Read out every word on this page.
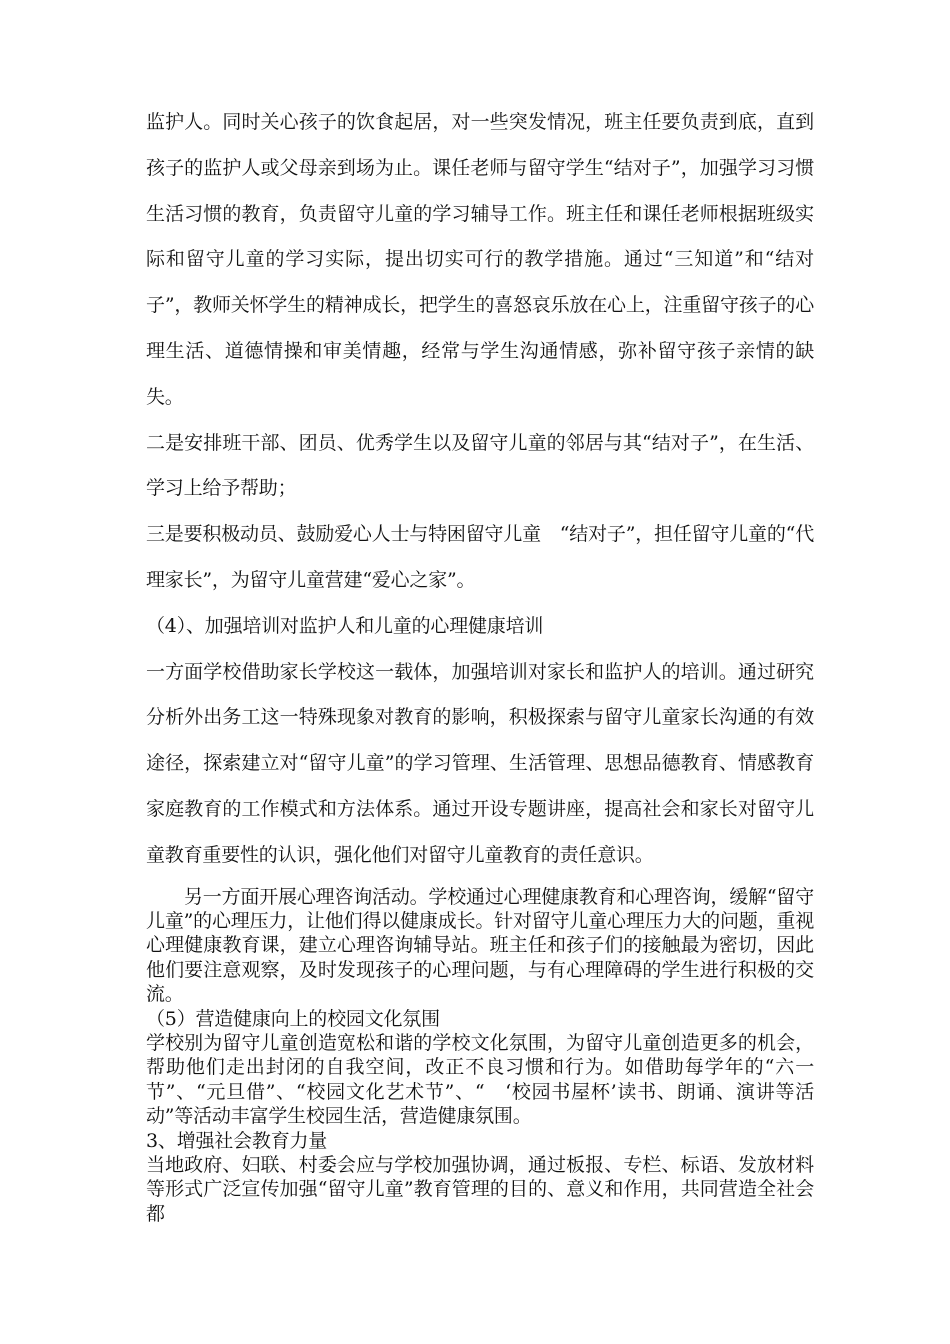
监护人。同时关心孩子的饮食起居，对一些突发情况，班主任要负责到底，直到孩子的监护人或父母亲到场为止。课任老师与留守学生“结对子”，加强学习习惯生活习惯的教育，负责留守儿童的学习辅导工作。班主任和课任老师根据班级实际和留守儿童的学习实际，提出切实可行的教学措施。通过“三知道”和“结对子”，教师关怀学生的精神成长，把学生的喜怒哀乐放在心上，注重留守孩子的心理生活、道德情操和审美情趣，经常与学生沟通情感，弥补留守孩子亲情的缺失。

二是安排班干部、团员、优秀学生以及留守儿童的邻居与其“结对子”，在生活、学习上给予帮助；

三是要积极动员、鼓励爱心人士与特困留守儿童　“结对子”，担任留守儿童的“代理家长”，为留守儿童营建“爱心之家”。

（4）、加强培训对监护人和儿童的心理健康培训

一方面学校借助家长学校这一载体，加强培训对家长和监护人的培训。通过研究分析外出务工这一特殊现象对教育的影响，积极探索与留守儿童家长沟通的有效途径，探索建立对“留守儿童”的学习管理、生活管理、思想品德教育、情感教育家庭教育的工作模式和方法体系。通过开设专题讲座，提高社会和家长对留守儿童教育重要性的认识，强化他们对留守儿童教育的责任意识。

另一方面开展心理咨询活动。学校通过心理健康教育和心理咨询，缓解“留守儿童”的心理压力，让他们得以健康成长。针对留守儿童心理压力大的问题，重视心理健康教育课，建立心理咨询辅导站。班主任和孩子们的接触最为密切，因此他们要注意观察，及时发现孩子的心理问题，与有心理障碍的学生进行积极的交流。

（5）营造健康向上的校园文化氛围

学校别为留守儿童创造宽松和谐的学校文化氛围，为留守儿童创造更多的机会，帮助他们走出封闭的自我空间，改正不良习惯和行为。如借助每学年的“六一节”、“元旦借”、“校园文化艺术节”、“　‘校园书屋杯’读书、朗诵、演讲等活动”等活动丰富学生校园生活，营造健康氛围。

3、增强社会教育力量

当地政府、妇联、村委会应与学校加强协调，通过板报、专栏、标语、发放材料等形式广泛宣传加强“留守儿童”教育管理的目的、意义和作用，共同营造全社会都
